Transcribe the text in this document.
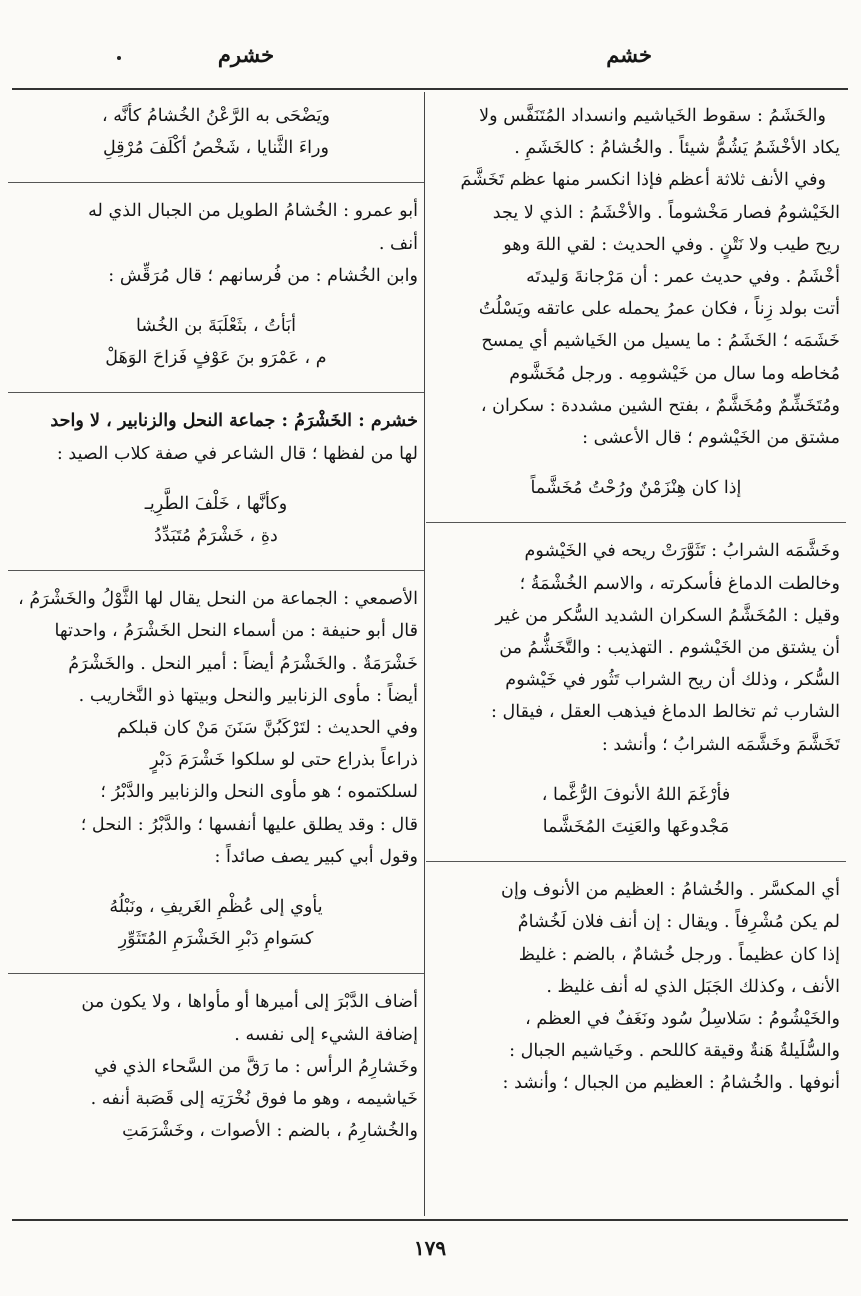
خشم
خشرم

والخَشَمُ : سقوط الخَياشيم وانسداد المُتَنَفَّس ولا

يكاد الأخْشَمُ يَشُمُّ شيئاً . والخُشامُ : كالخَشَمِ .

وفي الأنف ثلاثة أعظم فإذا انكسر منها عظم تَخَشَّمَ

الخَيْشومُ فصار مَخْشوماً . والأخْشَمُ : الذي لا يجد

ريح طيب ولا نَتْنٍ . وفي الحديث : لقي اللهَ وهو

أخْشَمُ . وفي حديث عمر : أن مَرْجانةَ وَليدتَه

أتت بولد زِناً ، فكان عمرُ يحمله على عاتقه ويَسْلُتُ

خَشَمَه ؛ الخَشَمُ : ما يسيل من الخَياشيم أي يمسح

مُخاطه وما سال من خَيْشومِه . ورجل مُخَشَّوم

ومُتَخَشِّمٌ ومُخَشَّمٌ ، بفتح الشين مشددة : سكران ،

مشتق من الخَيْشوم ؛ قال الأعشى :

إذا كان هِنْزَمْنٌ ورُحْتُ مُخَشَّماً

وخَشَّمَه الشرابُ : تَثَوَّرَتْ ريحه في الخَيْشوم

وخالطت الدماغ فأسكرته ، والاسم الخُشْمَةُ ؛

وقيل : المُخَشَّمُ السكران الشديد السُّكر من غير

أن يشتق من الخَيْشوم . التهذيب : والتَّخَشُّمُ من

السُّكر ، وذلك أن ريح الشراب تَثُور في خَيْشوم

الشارب ثم تخالط الدماغ فيذهب العقل ، فيقال :

تَخَشَّمَ وخَشَّمَه الشرابُ ؛ وأنشد :

فأرْغَمَ اللهُ الأنوفَ الرُّغَّما ،

مَجْدوعَها والعَنِتَ المُخَشَّما

أي المكسَّر . والخُشامُ : العظيم من الأنوف وإن

لم يكن مُشْرِفاً . ويقال : إن أنف فلان لَخُشامٌ

إذا كان عظيماً . ورجل خُشامٌ ، بالضم : غليظ

الأنف ، وكذلك الجَبَل الذي له أنف غليظ .

والخَيْشُومُ : سَلاسِلُ سُود ونَغَفٌ في العظم ،

والسُّلَيلةُ هَنةٌ وقيقة كاللحم . وخَياشيم الجبال :

أنوفها . والخُشامُ : العظيم من الجبال ؛ وأنشد :

ويَضْحَى به الرَّعْنُ الخُشامُ كأنَّه ،

وراءَ الثَّنايا ، شَخْصُ أكْلَفَ مُرْقِلِ

أبو عمرو : الخُشامُ الطويل من الجبال الذي له

أنف .

وابن الخُشام : من فُرسانهم ؛ قال مُرَقِّش :

أبَأتُ ، بثَعْلَبَةَ بن الخُشا

م ، عَمْرَو بنَ عَوْفٍ فَزاحَ الوَهَلْ

خشرم : الخَشْرَمُ : جماعة النحل والزنابير ، لا واحد

لها من لفظها ؛ قال الشاعر في صفة كلاب الصيد :

وكأنَّها ، خَلْفَ الطَّرِيـ

دةِ ، خَشْرَمٌ مُتَبَدِّدُ

الأصمعي : الجماعة من النحل يقال لها الثَّوْلُ والخَشْرَمُ ،

قال أبو حنيفة : من أسماء النحل الخَشْرَمُ ، واحدتها

خَشْرَمَةٌ . والخَشْرَمُ أيضاً : أمير النحل . والخَشْرَمُ

أيضاً : مأوى الزنابير والنحل وبيتها ذو النَّخاريب .

وفي الحديث : لتَرْكَبُنَّ سَنَنَ مَنْ كان قبلكم

ذراعاً بذراع حتى لو سلكوا خَشْرَمَ دَبْرٍ

لسلكتموه ؛ هو مأوى النحل والزنابير والدَّبْرُ ؛

قال : وقد يطلق عليها أنفسها ؛ والدَّبْرُ : النحل ؛

وقول أبي كبير يصف صائداً :

يأوي إلى عُظْمِ الغَريفِ ، ونَبْلُهُ

كسَوامِ دَبْرِ الخَشْرَمِ المُتَثَوِّرِ

أضاف الدَّبْرَ إلى أميرها أو مأواها ، ولا يكون من

إضافة الشيء إلى نفسه .

وخَشارِمُ الرأس : ما رَقَّ من السَّحاء الذي في

خَياشيمه ، وهو ما فوق نُخْرَتِه إلى قَصَبة أنفه .

والخُشارِمُ ، بالضم : الأصوات ، وخَشْرَمَتِ

١٧٩
